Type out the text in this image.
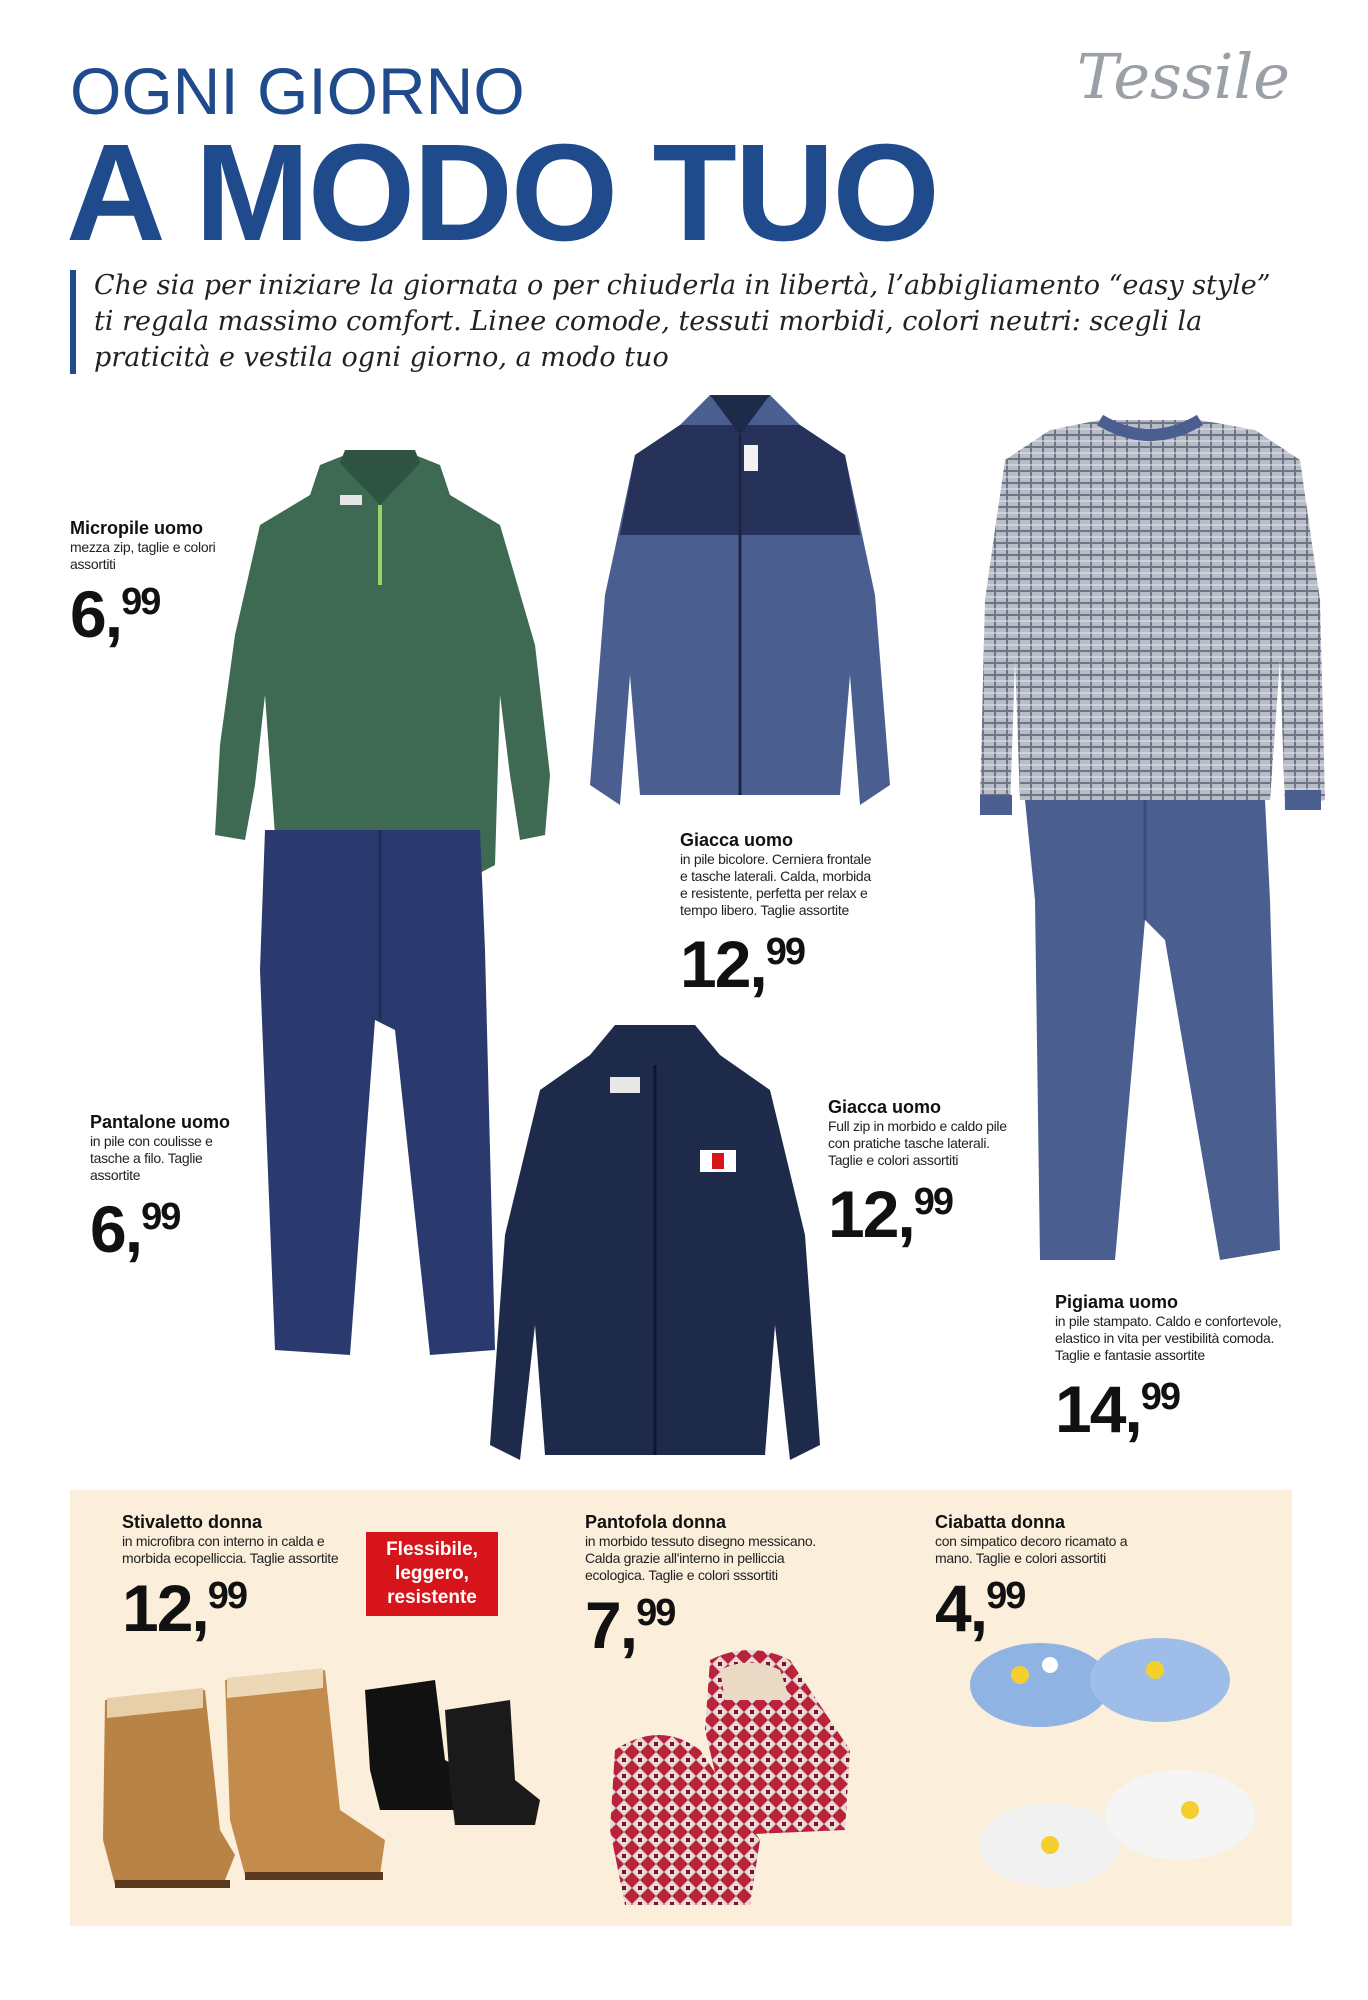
OGNI GIORNO
A MODO TUO
Tessile
Che sia per iniziare la giornata o per chiuderla in libertà, l’abbigliamento “easy style” ti regala massimo comfort. Linee comode, tessuti morbidi, colori neutri: scegli la praticità e vestila ogni giorno, a modo tuo
Micropile uomo
mezza zip, taglie e colori assortiti
6,99
Giacca uomo
in pile bicolore. Cerniera frontale e tasche laterali. Calda, morbida e resistente, perfetta per relax e tempo libero. Taglie assortite
12,99
Pantalone uomo
in pile con coulisse e tasche a filo. Taglie assortite
6,99
Giacca uomo
Full zip in morbido e caldo pile con pratiche tasche laterali. Taglie e colori assortiti
12,99
Pigiama uomo
in pile stampato. Caldo e confortevole, elastico in vita per vestibilità comoda. Taglie e fantasie assortite
14,99
Flessibile,
leggero,
resistente
Stivaletto donna
in microfibra con interno in calda e morbida ecopelliccia. Taglie assortite
12,99
Pantofola donna
in morbido tessuto disegno messicano. Calda grazie all'interno in pelliccia ecologica. Taglie e colori sssortiti
7,99
Ciabatta donna
con simpatico decoro ricamato a mano. Taglie e colori assortiti
4,99
